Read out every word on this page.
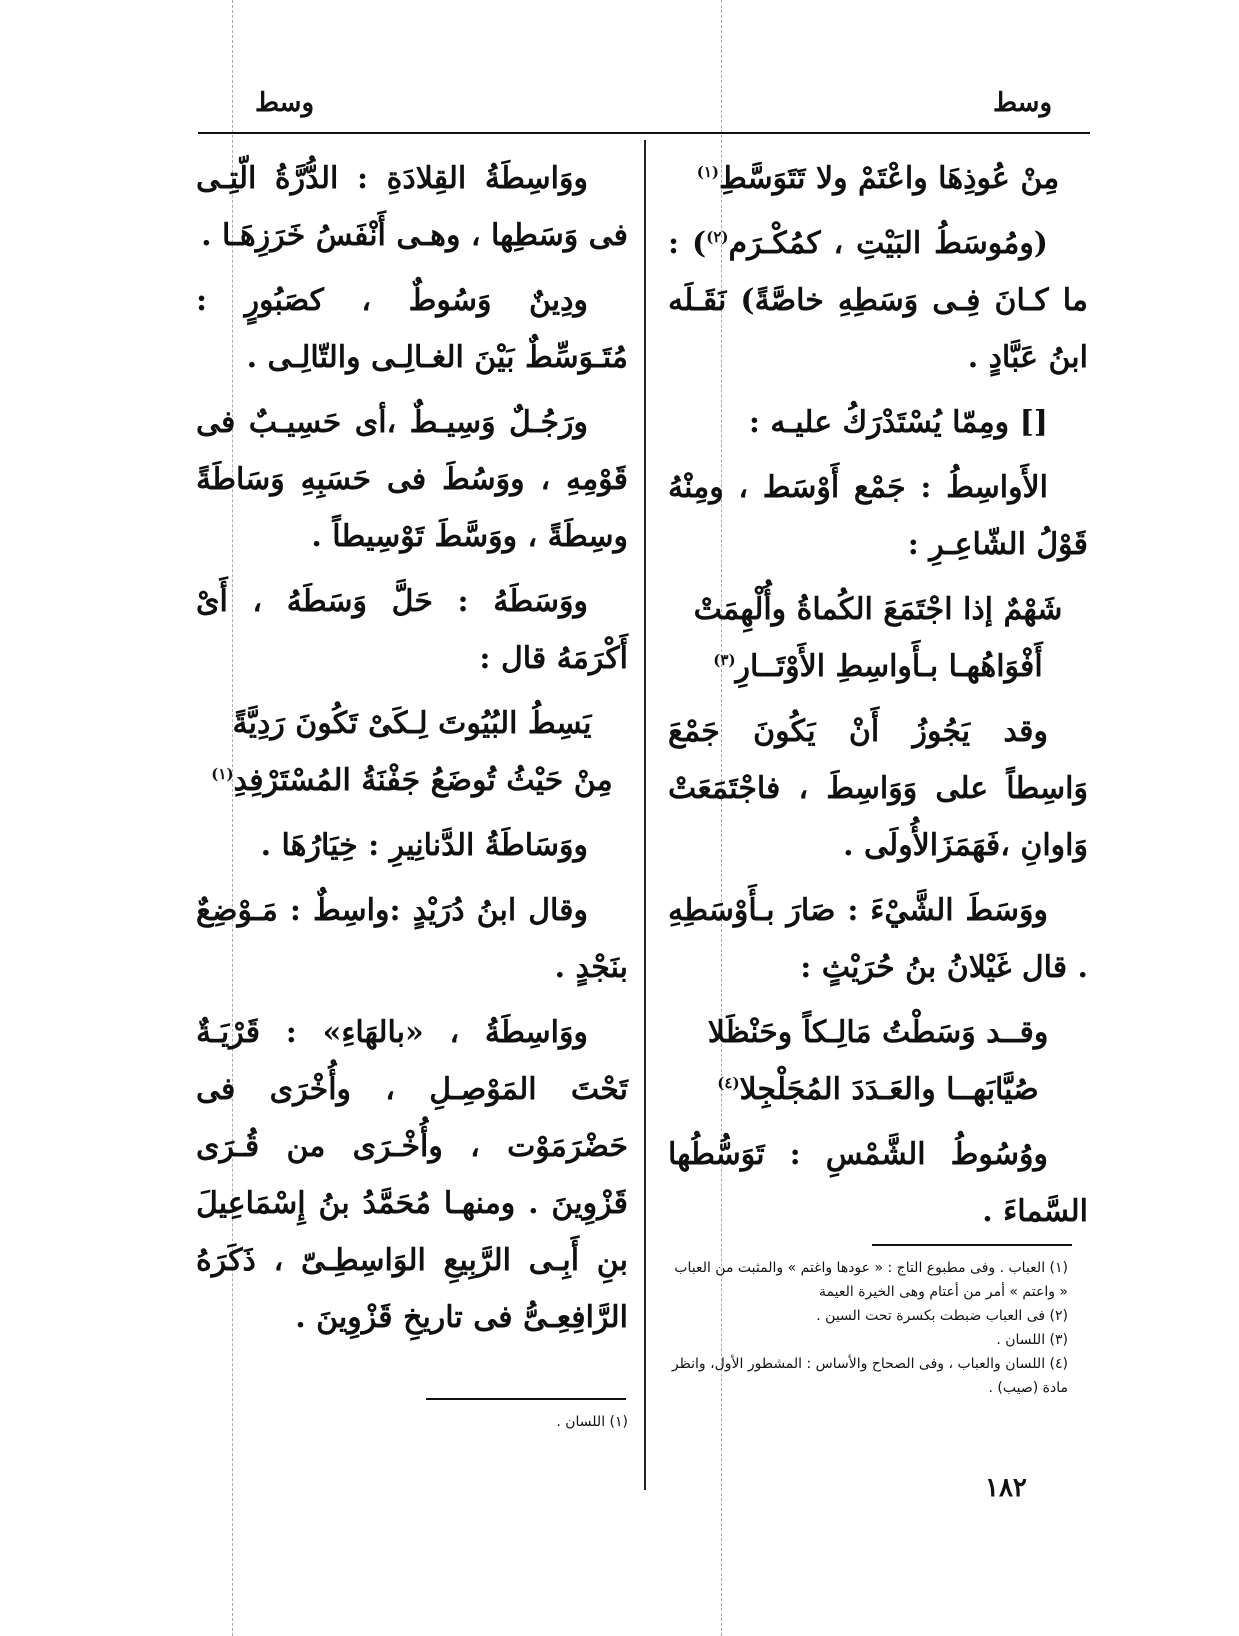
وسط	وسط

مِنْ عُوذِهَا واعْتَمْ ولا تَتَوَسَّطِ$^{(١)}$

(ومُوسَطُ البَيْتِ ، كمُكْـرَم$^{(٢)}$) : ما كـانَ فِـى وَسَطِهِ خاصَّةً) نَقَـلَه ابنُ عَبَّادٍ .

[] ومِمّا يُسْتَدْرَكُ عليـه :

الأَواسِطُ : جَمْع أَوْسَط ، ومِنْهُ قَوْلُ الشّاعِـرِ :

شَهْمٌ إذا اجْتَمَعَ الكُماةُ وأُلْهِمَتْ
أَفْوَاهُهـا بـأَواسِطِ الأَوْتَــارِ$^{(٣)}$

وقد يَجُوزُ أَنْ يَكُونَ جَمْعَ وَاسِطاً على وَوَاسِطَ ، فاجْتَمَعَتْ وَاوانِ ،فَهَمَزَالأُولَى .

ووَسَطَ الشَّيْءَ : صَارَ بـأَوْسَطِهِ . قال غَيْلانُ بنُ حُرَيْثٍ :

وقــد وَسَطْتُ مَالِـكاً وحَنْظَلا
صُيَّابَهــا والعَـدَدَ المُجَلْجِلا$^{(٤)}$

ووُسُوطُ الشَّمْسِ : تَوَسُّطُها السَّماءَ .

ووَاسِطَةُ القِلادَةِ : الدُّرَّةُ الّتِـى فى وَسَطِها ، وهـى أَنْفَسُ خَرَزِهَـا .

ودِينٌ وَسُوطٌ ، كصَبُورٍ : مُتَـوَسِّطٌ بَيْنَ الغـالِـى والتّالِـى .

ورَجُـلٌ وَسِيـطٌ ،أى حَسِيـبٌ فى قَوْمِهِ ، ووَسُطَ فى حَسَبِهِ وَسَاطَةً وسِطَةً ، ووَسَّطَ تَوْسِيطاً .

ووَسَطَهُ : حَلَّ وَسَطَهُ ، أَىْ أَكْرَمَهُ قال :

يَسِطُ البُيُوتَ لِـكَىْ تَكُونَ رَدِيَّةً
مِنْ حَيْثُ تُوضَعُ جَفْنَةُ المُسْتَرْفِدِ$^{(١)}$

ووَسَاطَةُ الدَّنانِيرِ : خِيَارُهَا .

وقال ابنُ دُرَيْدٍ :واسِطٌ : مَـوْضِعٌ بنَجْدٍ .

ووَاسِطَةُ ، «بالهَاءِ» : قَرْيَـةٌ تَحْتَ المَوْصِـلِ ، وأُخْرَى فى حَضْرَمَوْت ، وأُخْـرَى من قُـرَى قَزْوِينَ . ومنهـا مُحَمَّدُ بنُ إِسْمَاعِيلَ بنِ أَبِـى الرَّبِيعِ الوَاسِطِـىّ ، ذَكَرَهُ الرَّافِعِـىُّ فى تاريخِ قَزْوِينَ .

(١) العباب . وفى مطبوع التاج : « عودها واغتم » والمثبت من العباب « واعتم » أمر من أعتام وهى الخيرة العيمة
(٢) فى العباب ضبطت بكسرة تحت السين .
(٣) اللسان .
(٤) اللسان والعباب ، وفى الصحاح والأساس : المشطور الأول، وانظر مادة (صيب) .
(١) اللسان .
١٨٢
